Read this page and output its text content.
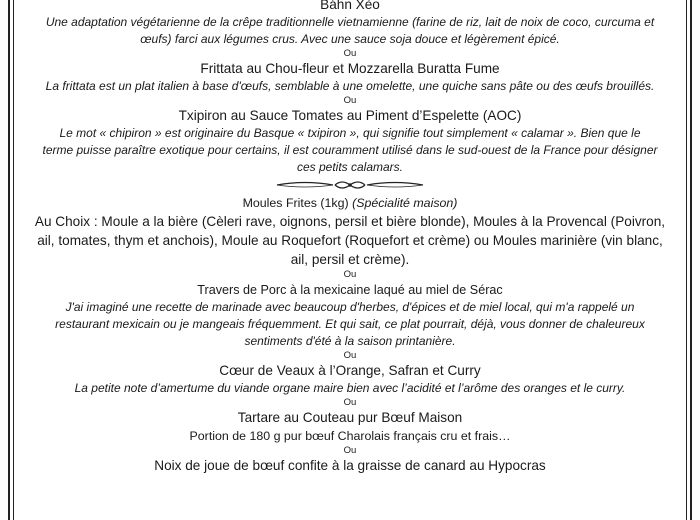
Báhn Xèo

Une adaptation végétarienne de la crêpe traditionnelle vietnamienne (farine de riz, lait de noix de coco, curcuma et

œufs) farci aux légumes crus. Avec une sauce soja douce et légèrement épicé.

Ou

Frittata au Chou-fleur et Mozzarella Buratta Fume

La frittata est un plat italien à base d'œufs, semblable à une omelette, une quiche sans pâte ou des œufs brouillés.

Ou

Txipiron au Sauce Tomates au Piment d’Espelette (AOC)

Le mot « chipiron » est originaire du Basque « txipiron », qui signifie tout simplement « calamar ». Bien que le

terme puisse paraître exotique pour certains, il est couramment utilisé dans le sud-ouest de la France pour désigner

ces petits calamars.

Moules Frites (1kg) (Spécialité maison)

Au Choix : Moule a la bière (Cèleri rave, oignons, persil et bière blonde), Moules à la Provencal (Poivron,

ail, tomates, thym et anchois), Moule au Roquefort (Roquefort et crème) ou Moules marinière (vin blanc,

ail, persil et crème).

Ou

Travers de Porc à la mexicaine laqué au miel de Sérac

J'ai imaginé une recette de marinade avec beaucoup d'herbes, d'épices et de miel local, qui m'a rappelé un

restaurant mexicain ou je mangeais fréquemment. Et qui sait, ce plat pourrait, déjà, vous donner de chaleureux

sentiments d'été à la saison printanière.

Ou

Cœur de Veaux à l’Orange, Safran et Curry

La petite note d’amertume du viande organe maire bien avec l’acidité et l’arôme des oranges et le curry.

Ou

Tartare au Couteau pur Bœuf Maison

Portion de 180 g pur bœuf Charolais français cru et frais…

Ou

Noix de joue de bœuf confite à la graisse de canard au Hypocras
